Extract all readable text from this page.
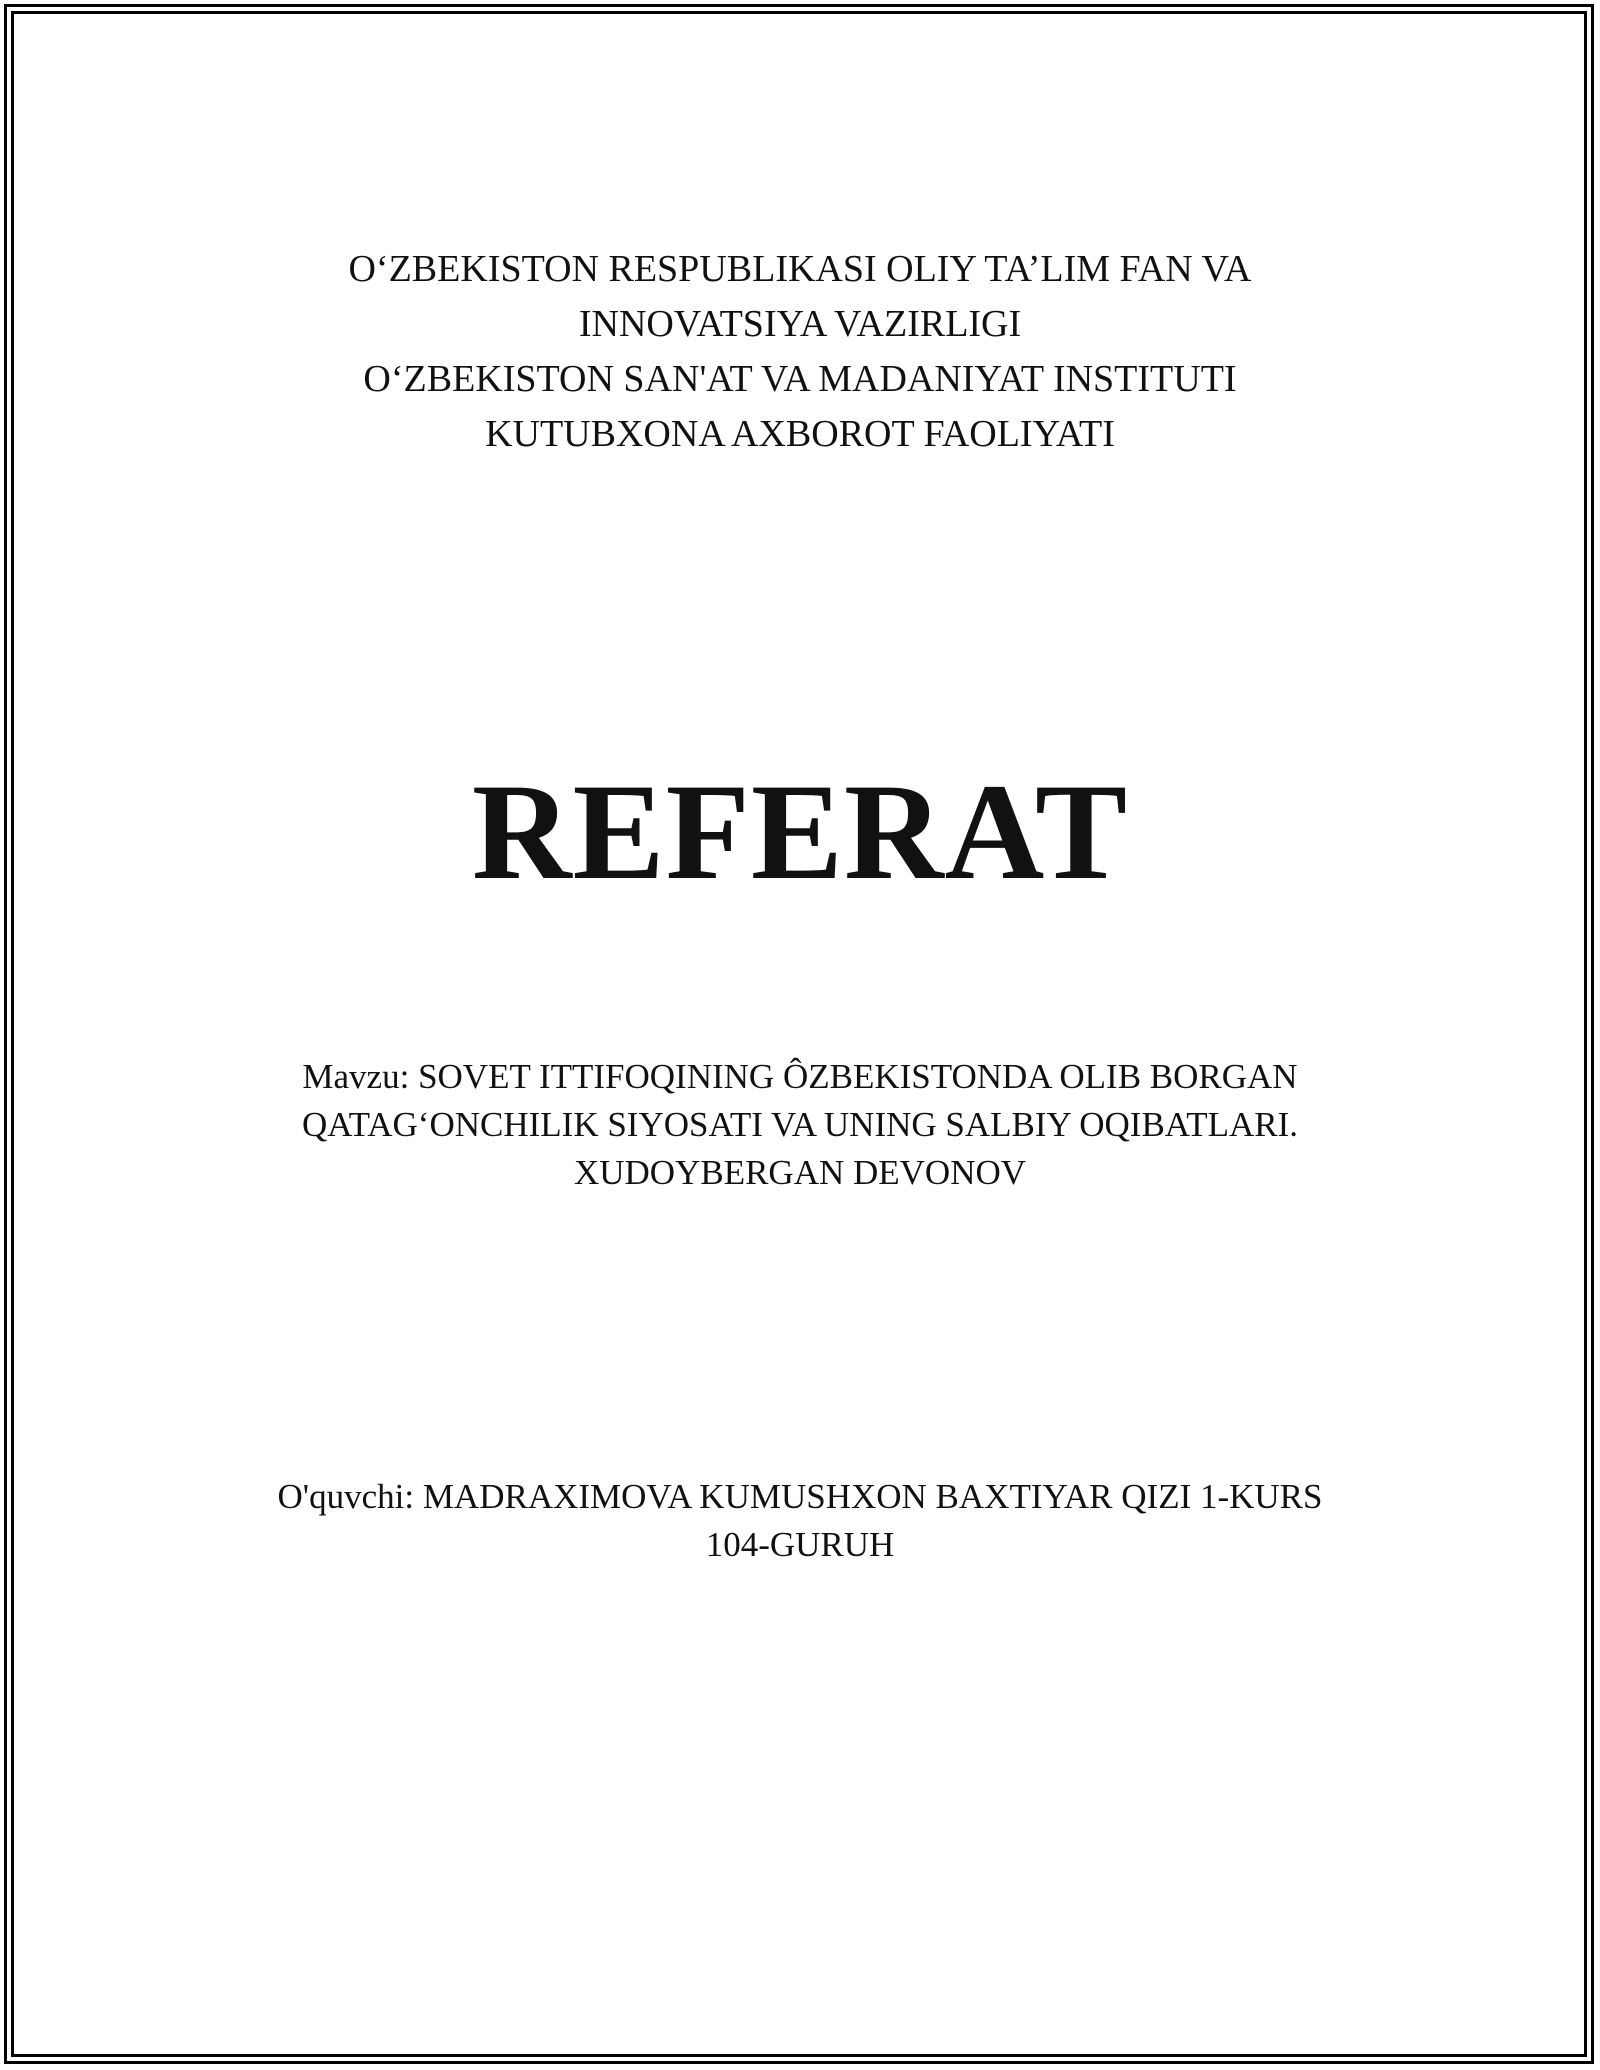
O‘ZBEKISTON RESPUBLIKASI OLIY TA’LIM FAN VA
INNOVATSIYA VAZIRLIGI
O‘ZBEKISTON SAN'AT VA MADANIYAT INSTITUTI
KUTUBXONA AXBOROT FAOLIYATI
REFERAT
Mavzu: SOVET ITTIFOQINING ÔZBEKISTONDA OLIB BORGAN
QATAG‘ONCHILIK SIYOSATI VA UNING SALBIY OQIBATLARI.
XUDOYBERGAN DEVONOV
O'quvchi: MADRAXIMOVA KUMUSHXON BAXTIYAR QIZI 1-KURS
104-GURUH
